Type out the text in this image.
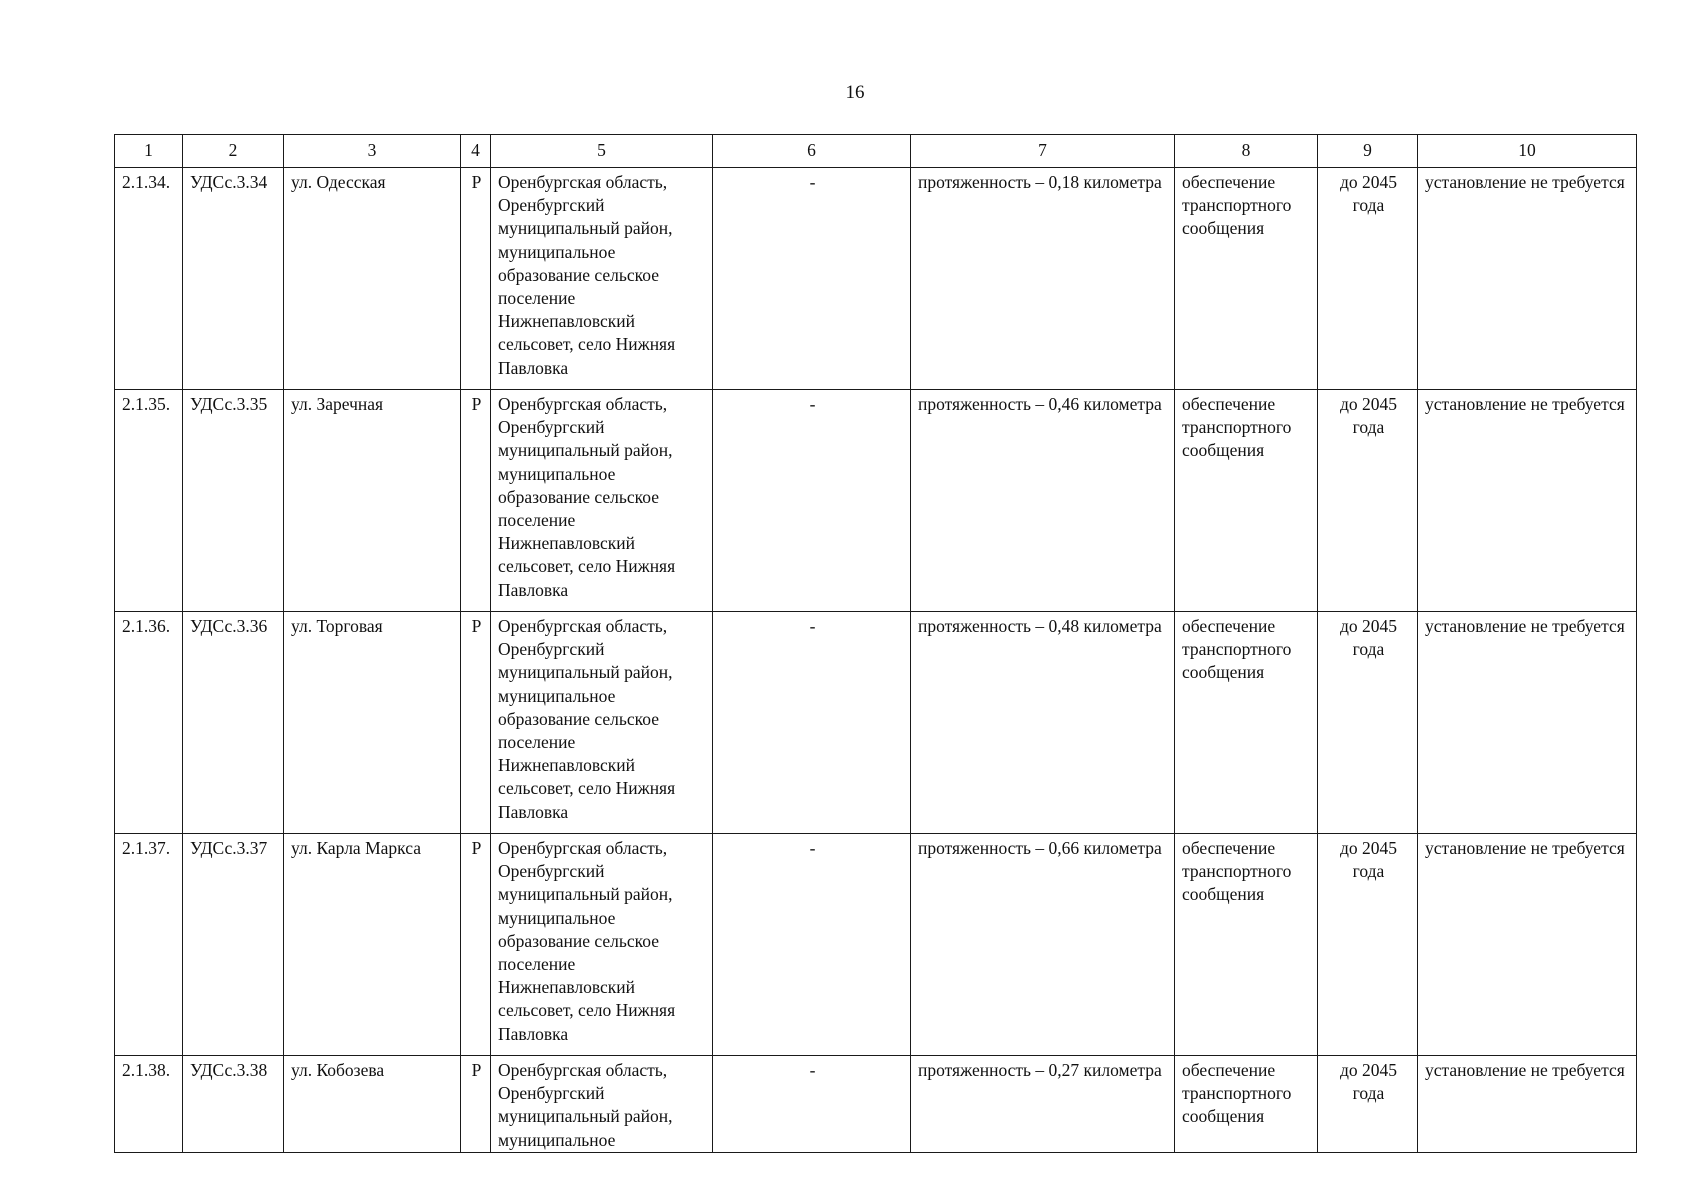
16
1	2	3	4	5	6	7	8	9	10
2.1.34.	УДСс.3.34	ул. Одесская	Р	Оренбургская область, Оренбургский муниципальный район, муниципальное образование сельское поселение Нижнепавловский сельсовет, село Нижняя Павловка	-	протяженность – 0,18 километра	обеспечение транспортного сообщения	до 2045 года	установление не требуется
2.1.35.	УДСс.3.35	ул. Заречная	Р	Оренбургская область, Оренбургский муниципальный район, муниципальное образование сельское поселение Нижнепавловский сельсовет, село Нижняя Павловка	-	протяженность – 0,46 километра	обеспечение транспортного сообщения	до 2045 года	установление не требуется
2.1.36.	УДСс.3.36	ул. Торговая	Р	Оренбургская область, Оренбургский муниципальный район, муниципальное образование сельское поселение Нижнепавловский сельсовет, село Нижняя Павловка	-	протяженность – 0,48 километра	обеспечение транспортного сообщения	до 2045 года	установление не требуется
2.1.37.	УДСс.3.37	ул. Карла Маркса	Р	Оренбургская область, Оренбургский муниципальный район, муниципальное образование сельское поселение Нижнепавловский сельсовет, село Нижняя Павловка	-	протяженность – 0,66 километра	обеспечение транспортного сообщения	до 2045 года	установление не требуется
2.1.38.	УДСс.3.38	ул. Кобозева	Р	Оренбургская область, Оренбургский муниципальный район, муниципальное	-	протяженность – 0,27 километра	обеспечение транспортного сообщения	до 2045 года	установление не требуется
